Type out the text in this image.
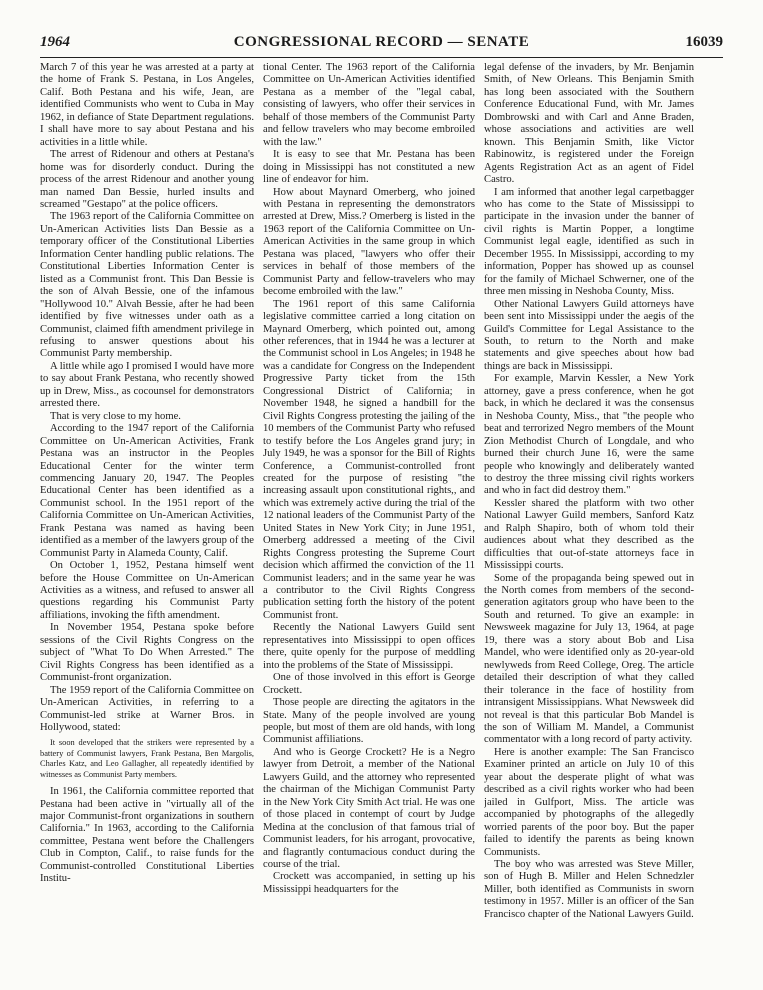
1964	CONGRESSIONAL RECORD — SENATE	16039

March 7 of this year he was arrested at a party at the home of Frank S. Pestana, in Los Angeles, Calif. Both Pestana and his wife, Jean, are identified Communists who went to Cuba in May 1962, in defiance of State Department regulations. I shall have more to say about Pestana and his activities in a little while.

The arrest of Ridenour and others at Pestana's home was for disorderly conduct. During the process of the arrest Ridenour and another young man named Dan Bessie, hurled insults and screamed "Gestapo" at the police officers.

The 1963 report of the California Committee on Un-American Activities lists Dan Bessie as a temporary officer of the Constitutional Liberties Information Center handling public relations. The Constitutional Liberties Information Center is listed as a Communist front. This Dan Bessie is the son of Alvah Bessie, one of the infamous "Hollywood 10." Alvah Bessie, after he had been identified by five witnesses under oath as a Communist, claimed fifth amendment privilege in refusing to answer questions about his Communist Party membership.

A little while ago I promised I would have more to say about Frank Pestana, who recently showed up in Drew, Miss., as cocounsel for demonstrators arrested there.

That is very close to my home.

According to the 1947 report of the California Committee on Un-American Activities, Frank Pestana was an instructor in the Peoples Educational Center for the winter term commencing January 20, 1947. The Peoples Educational Center has been identified as a Communist school. In the 1951 report of the California Committee on Un-American Activities, Frank Pestana was named as having been identified as a member of the lawyers group of the Communist Party in Alameda County, Calif.

On October 1, 1952, Pestana himself went before the House Committee on Un-American Activities as a witness, and refused to answer all questions regarding his Communist Party affiliations, invoking the fifth amendment.

In November 1954, Pestana spoke before sessions of the Civil Rights Congress on the subject of "What To Do When Arrested." The Civil Rights Congress has been identified as a Communist-front organization.

The 1959 report of the California Committee on Un-American Activities, in referring to a Communist-led strike at Warner Bros. in Hollywood, stated:

It soon developed that the strikers were represented by a battery of Communist lawyers, Frank Pestana, Ben Margolis, Charles Katz, and Leo Gallagher, all repeatedly identified by witnesses as Communist Party members.

In 1961, the California committee reported that Pestana had been active in "virtually all of the major Communist-front organizations in southern California." In 1963, according to the California committee, Pestana went before the Challengers Club in Compton, Calif., to raise funds for the Communist-controlled Constitutional Liberties Institu-

tional Center. The 1963 report of the California Committee on Un-American Activities identified Pestana as a member of the "legal cabal, consisting of lawyers, who offer their services in behalf of those members of the Communist Party and fellow travelers who may become embroiled with the law."

It is easy to see that Mr. Pestana has been doing in Mississippi has not constituted a new line of endeavor for him.

How about Maynard Omerberg, who joined with Pestana in representing the demonstrators arrested at Drew, Miss.? Omerberg is listed in the 1963 report of the California Committee on Un-American Activities in the same group in which Pestana was placed, "lawyers who offer their services in behalf of those members of the Communist Party and fellow-travelers who may become embroiled with the law."

The 1961 report of this same California legislative committee carried a long citation on Maynard Omerberg, which pointed out, among other references, that in 1944 he was a lecturer at the Communist school in Los Angeles; in 1948 he was a candidate for Congress on the Independent Progressive Party ticket from the 15th Congressional District of California; in November 1948, he signed a handbill for the Civil Rights Congress protesting the jailing of the 10 members of the Communist Party who refused to testify before the Los Angeles grand jury; in July 1949, he was a sponsor for the Bill of Rights Conference, a Communist-controlled front created for the purpose of resisting "the increasing assault upon constitutional rights,, and which was extremely active during the trial of the 12 national leaders of the Communist Party of the United States in New York City; in June 1951, Omerberg addressed a meeting of the Civil Rights Congress protesting the Supreme Court decision which affirmed the conviction of the 11 Communist leaders; and in the same year he was a contributor to the Civil Rights Congress publication setting forth the history of the potent Communist front.

Recently the National Lawyers Guild sent representatives into Mississippi to open offices there, quite openly for the purpose of meddling into the problems of the State of Mississippi.

One of those involved in this effort is George Crockett.

Those people are directing the agitators in the State. Many of the people involved are young people, but most of them are old hands, with long Communist affiliations.

And who is George Crockett? He is a Negro lawyer from Detroit, a member of the National Lawyers Guild, and the attorney who represented the chairman of the Michigan Communist Party in the New York City Smith Act trial. He was one of those placed in contempt of court by Judge Medina at the conclusion of that famous trial of Communist leaders, for his arrogant, provocative, and flagrantly contumacious conduct during the course of the trial.

Crockett was accompanied, in setting up his Mississippi headquarters for the

legal defense of the invaders, by Mr. Benjamin Smith, of New Orleans. This Benjamin Smith has long been associated with the Southern Conference Educational Fund, with Mr. James Dombrowski and with Carl and Anne Braden, whose associations and activities are well known. This Benjamin Smith, like Victor Rabinowitz, is registered under the Foreign Agents Registration Act as an agent of Fidel Castro.

I am informed that another legal carpetbagger who has come to the State of Mississippi to participate in the invasion under the banner of civil rights is Martin Popper, a longtime Communist legal eagle, identified as such in December 1955. In Mississippi, according to my information, Popper has showed up as counsel for the family of Michael Schwerner, one of the three men missing in Neshoba County, Miss.

Other National Lawyers Guild attorneys have been sent into Mississippi under the aegis of the Guild's Committee for Legal Assistance to the South, to return to the North and make statements and give speeches about how bad things are back in Mississippi.

For example, Marvin Kessler, a New York attorney, gave a press conference, when he got back, in which he declared it was the consensus in Neshoba County, Miss., that "the people who beat and terrorized Negro members of the Mount Zion Methodist Church of Longdale, and who burned their church June 16, were the same people who knowingly and deliberately wanted to destroy the three missing civil rights workers and who in fact did destroy them."

Kessler shared the platform with two other National Lawyer Guild members, Sanford Katz and Ralph Shapiro, both of whom told their audiences about what they described as the difficulties that out-of-state attorneys face in Mississippi courts.

Some of the propaganda being spewed out in the North comes from members of the second-generation agitators group who have been to the South and returned. To give an example: in Newsweek magazine for July 13, 1964, at page 19, there was a story about Bob and Lisa Mandel, who were identified only as 20-year-old newlyweds from Reed College, Oreg. The article detailed their description of what they called their tolerance in the face of hostility from intransigent Mississippians. What Newsweek did not reveal is that this particular Bob Mandel is the son of William M. Mandel, a Communist commentator with a long record of party activity.

Here is another example: The San Francisco Examiner printed an article on July 10 of this year about the desperate plight of what was described as a civil rights worker who had been jailed in Gulfport, Miss. The article was accompanied by photographs of the allegedly worried parents of the poor boy. But the paper failed to identify the parents as being known Communists.

The boy who was arrested was Steve Miller, son of Hugh B. Miller and Helen Schnedzler Miller, both identified as Communists in sworn testimony in 1957. Miller is an officer of the San Francisco chapter of the National Lawyers Guild.
